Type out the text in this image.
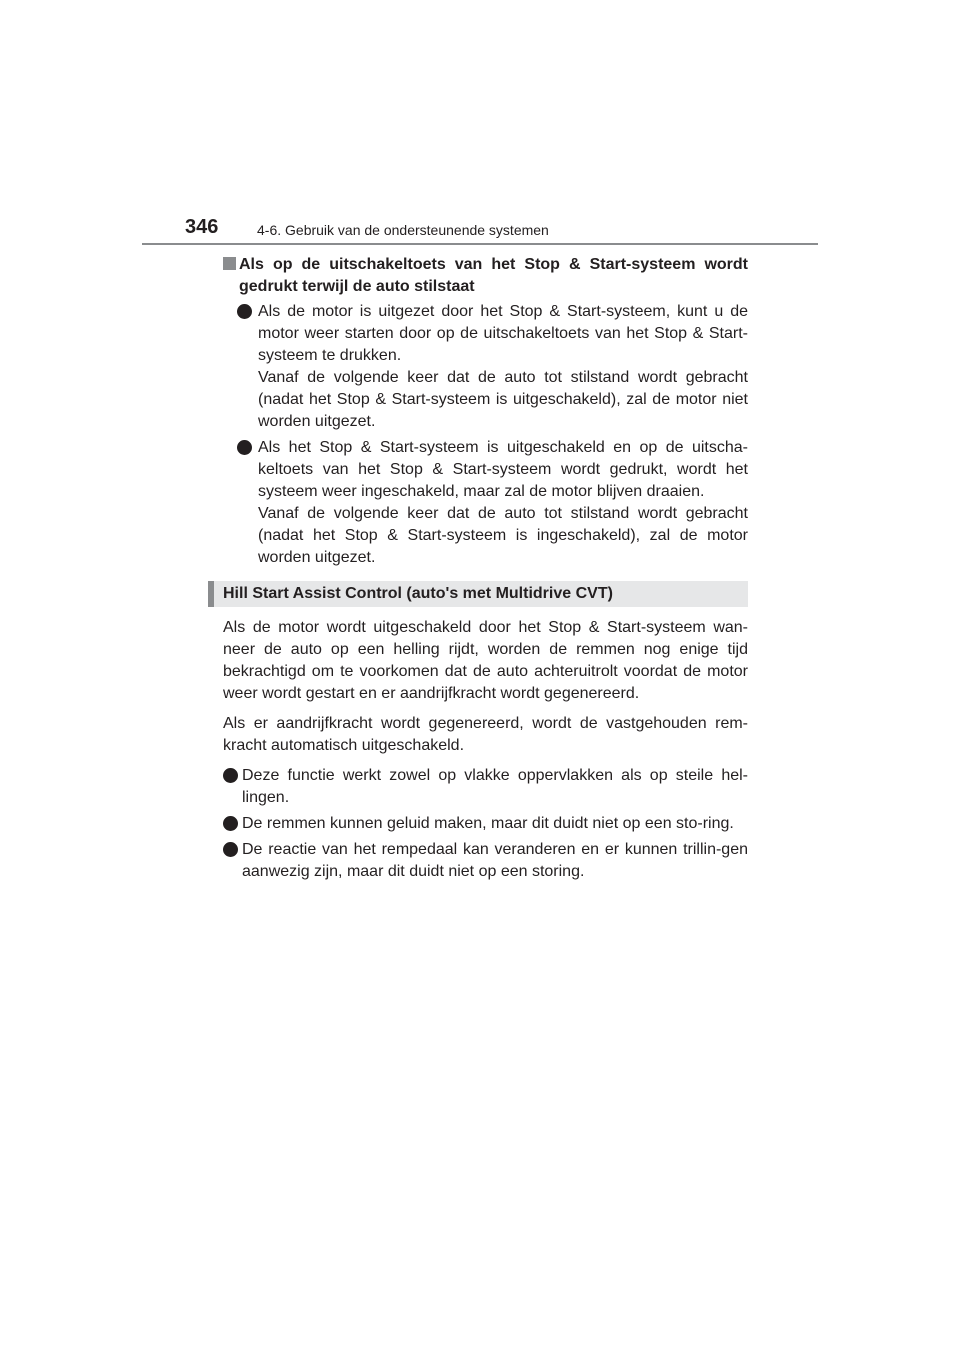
346	4-6. Gebruik van de ondersteunende systemen
Als op de uitschakeltoets van het Stop & Start-systeem wordt gedrukt terwijl de auto stilstaat

Als de motor is uitgezet door het Stop & Start-systeem, kunt u de motor weer starten door op de uitschakeltoets van het Stop & Start-systeem te drukken.

Vanaf de volgende keer dat de auto tot stilstand wordt gebracht (nadat het Stop & Start-systeem is uitgeschakeld), zal de motor niet worden uitgezet.

Als het Stop & Start-systeem is uitgeschakeld en op de uitscha-keltoets van het Stop & Start-systeem wordt gedrukt, wordt het systeem weer ingeschakeld, maar zal de motor blijven draaien.

Vanaf de volgende keer dat de auto tot stilstand wordt gebracht (nadat het Stop & Start-systeem is ingeschakeld), zal de motor worden uitgezet.

Hill Start Assist Control (auto's met Multidrive CVT)

Als de motor wordt uitgeschakeld door het Stop & Start-systeem wan-neer de auto op een helling rijdt, worden de remmen nog enige tijd bekrachtigd om te voorkomen dat de auto achteruitrolt voordat de motor weer wordt gestart en er aandrijfkracht wordt gegenereerd.

Als er aandrijfkracht wordt gegenereerd, wordt de vastgehouden rem-kracht automatisch uitgeschakeld.

Deze functie werkt zowel op vlakke oppervlakken als op steile hel-lingen.

De remmen kunnen geluid maken, maar dit duidt niet op een sto-ring.

De reactie van het rempedaal kan veranderen en er kunnen trillin-gen aanwezig zijn, maar dit duidt niet op een storing.
